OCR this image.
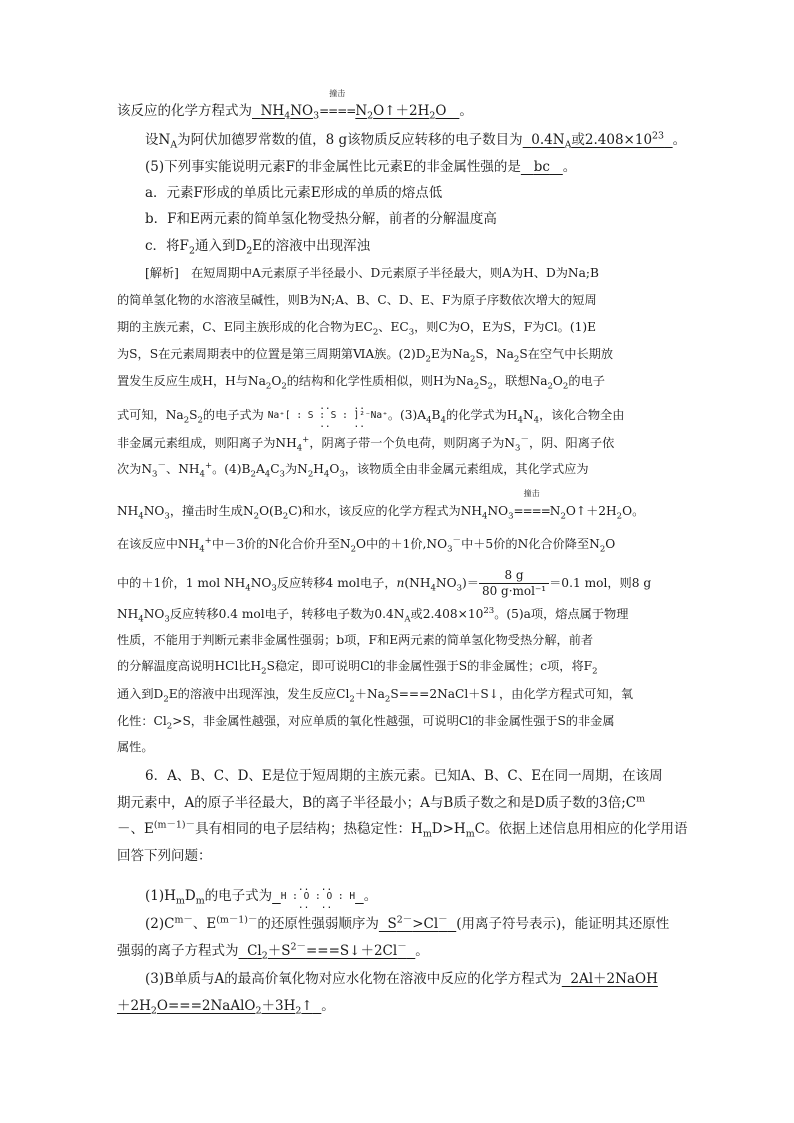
该反应的化学方程式为 $NH_4NO_3$
撞击
$====N_2O↑+2H_2O$ 。
设$N_A$为阿伏加德罗常数的值，8 g该物质反应转移的电子数目为 $0.4N_A$或$2.408\times 10^{23}$ 。
(5)下列事实能说明元素F的非金属性比元素E的非金属性强的是 bc 。
a．元素F形成的单质比元素E形成的单质的熔点低
b．F和E两元素的简单氢化物受热分解，前者的分解温度高
c．将$F_2$通入到$D_2E$的溶液中出现浑浊
[解析]　在短周期中A元素原子半径最小、D元素原子半径最大，则A为H、D为Na;B
的简单氢化物的水溶液呈碱性，则B为N;A、B、C、D、E、F为原子序数依次增大的短周
期的主族元素，C、E同主族形成的化合物为$EC_2$、$EC_3$，则C为O，E为S，F为Cl。(1)E
为S，S在元素周期表中的位置是第三周期第ⅥA族。$(2)D_2E$为$Na_2S$，$Na_2S$在空气中长期放
置发生反应生成H，H与$Na_2O_2$的结构和化学性质相似，则H为$Na_2S_2$，联想$Na_2O_2$的电子
式可知，$Na_2S_2$的电子式为
..    ..
Na⁺[ : S : S : ]²⁻Na⁺
..    ..
。$(3)A_4B_4$的化学式为$H_4N_4$，该化合物全由
非金属元素组成，则阳离子为$NH_4^+$，阴离子带一个负电荷，则阴离子为$N_3^-$，阴、阳离子依
次为$N_3^-$、$NH_4^+$。$(4)B_2A_4C_3$为$N_2H_4O_3$，该物质全由非金属元素组成，其化学式应为
$NH_4NO_3$，撞击时生成$N_2O(B_2C)$和水，该反应的化学方程式为$NH_4NO_3$
撞击
$====N_2O↑+2H_2O$。
在该反应中$NH_4^+$中－3价的N化合价升至$N_2O$中的＋1价$,NO_3^-$中＋5价的N化合价降至$N_2O$
中的＋1价，1 mol $NH_4NO_3$反应转移4 mol电子，$n(NH_4NO_3)= \frac{8 g}{\text{80 g·mol⁻¹}} =0.1$ mol，则8 g
$NH_4NO_3$反应转移0.4 mol电子，转移电子数为$0.4N_A$或$2.408\times 10^{23}$。(5)a项，熔点属于物理
性质，不能用于判断元素非金属性强弱；b项，F和E两元素的简单氢化物受热分解，前者
的分解温度高说明HCl比$H_2S$稳定，即可说明Cl的非金属性强于S的非金属性；c项，将$F_2$
通入到$D_2E$的溶液中出现浑浊，发生反应$Cl_2+Na_2S===2NaCl+S↓$，由化学方程式可知，氧
化性：$Cl_2>S$，非金属性越强，对应单质的氧化性越强，可说明Cl的非金属性强于S的非金属
属性。
6．A、B、C、D、E是位于短周期的主族元素。已知A、B、C、E在同一周期，在该周
期元素中，A的原子半径最大，B的离子半径最小；A与B质子数之和是D质子数的3倍$;C^m$
－、$E^{(m-1)-}$具有相同的电子层结构；热稳定性：$H_mD>H_mC$。依据上述信息用相应的化学用语
回答下列问题：
$(1)H_mD_m$的电子式为
..  ..
H : O : O : H
..  ..
。
$(2)C^{m-}$、$E^{(m-1)-}$的还原性强弱顺序为 $S^{2-}>Cl^-$ (用离子符号表示)，能证明其还原性
强弱的离子方程式为 $Cl_2+S^{2-}===S↓+2Cl^-$ 。
(3)B单质与A的最高价氧化物对应水化物在溶液中反应的化学方程式为 2Al＋2NaOH
$+2H_2O===2NaAlO_2+3H_2↑$ 。
